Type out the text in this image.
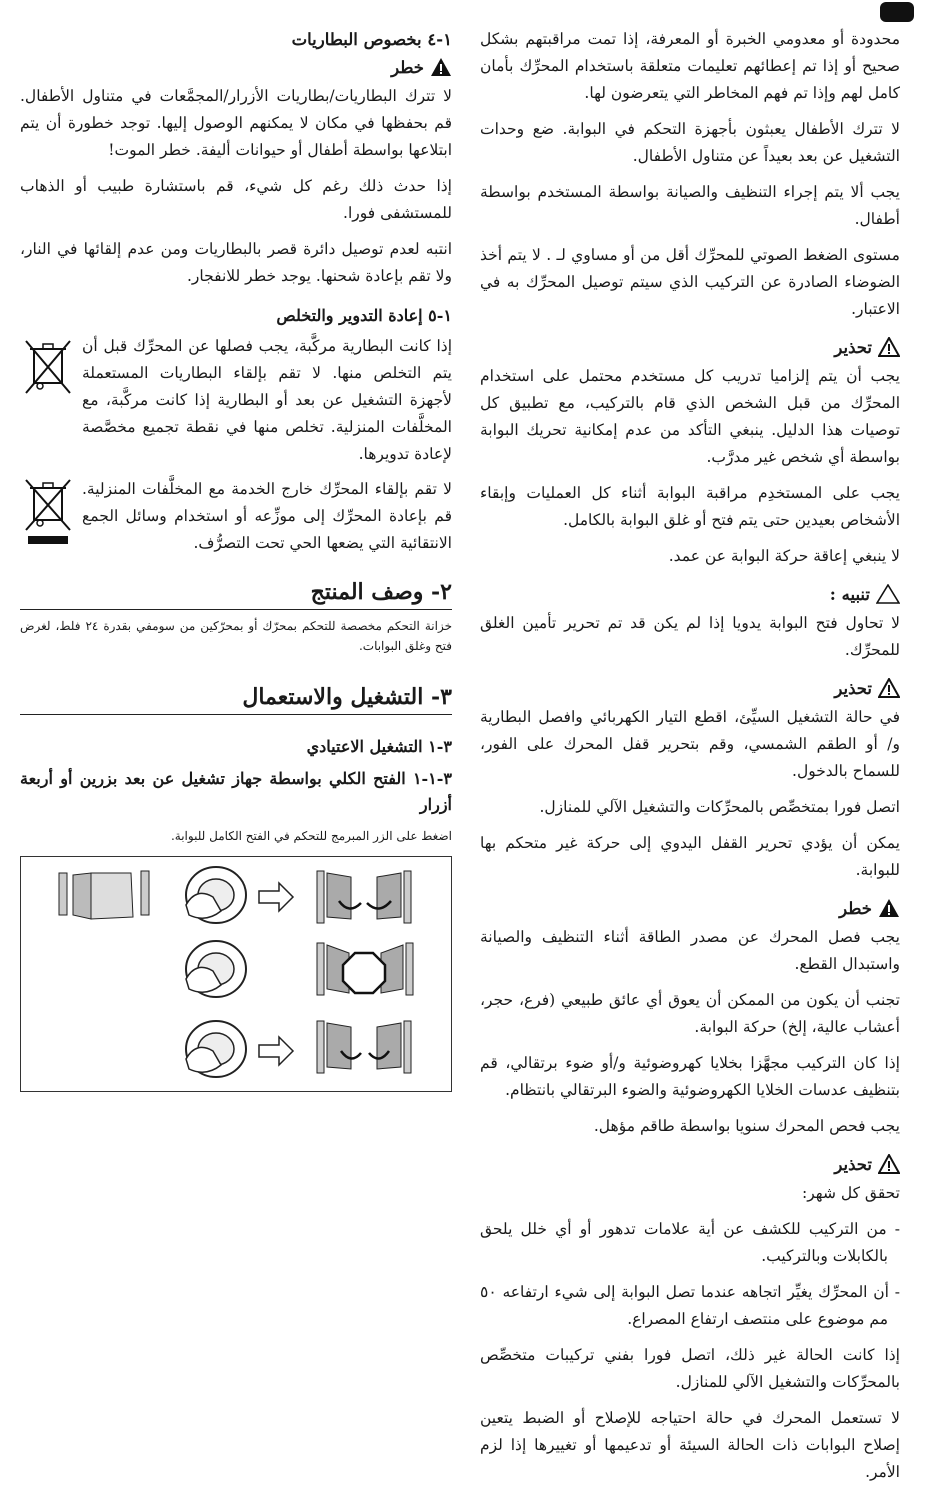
محدودة أو معدومي الخبرة أو المعرفة، إذا تمت مراقبتهم بشكل صحيح أو إذا تم إعطائهم تعليمات متعلقة باستخدام المحرِّك بأمان كامل لهم وإذا تم فهم المخاطر التي يتعرضون لها.

لا تترك الأطفال يعبثون بأجهزة التحكم في البوابة. ضع وحدات التشغيل عن بعد بعيداً عن متناول الأطفال.

يجب ألا يتم إجراء التنظيف والصيانة بواسطة المستخدم بواسطة أطفال.

مستوى الضغط الصوتي للمحرِّك أقل من أو مساوي لـ . لا يتم أخذ الضوضاء الصادرة عن التركيب الذي سيتم توصيل المحرِّك به في الاعتبار.

تحذير

يجب أن يتم إلزاميا تدريب كل مستخدم محتمل على استخدام المحرِّك من قبل الشخص الذي قام بالتركيب، مع تطبيق كل توصيات هذا الدليل. ينبغي التأكد من عدم إمكانية تحريك البوابة بواسطة أي شخص غير مدرَّب.

يجب على المستخدِم مراقبة البوابة أثناء كل العمليات وإبقاء الأشخاص بعيدين حتى يتم فتح أو غلق البوابة بالكامل.

لا ينبغي إعاقة حركة البوابة عن عمد.

تنبيه :

لا تحاول فتح البوابة يدويا إذا لم يكن قد تم تحرير تأمين الغلق للمحرِّك.

تحذير

في حالة التشغيل السيِّئ، اقطع التيار الكهربائي وافصل البطارية و/ أو الطقم الشمسي، وقم بتحرير قفل المحرك على الفور، للسماح بالدخول.

اتصل فورا بمتخصِّص بالمحرِّكات والتشغيل الآلي للمنازل.

يمكن أن يؤدي تحرير القفل اليدوي إلى حركة غير متحكم بها للبوابة.

خطر

يجب فصل المحرك عن مصدر الطاقة أثناء التنظيف والصيانة واستبدال القطع.

تجنب أن يكون من الممكن أن يعوق أي عائق طبيعي (فرع، حجر، أعشاب عالية، إلخ) حركة البوابة.

إذا كان التركيب مجهَّزا بخلايا كهروضوئية و/أو ضوء برتقالي، قم بتنظيف عدسات الخلايا الكهروضوئية والضوء البرتقالي بانتظام.

يجب فحص المحرك سنويا بواسطة طاقم مؤهل.

تحذير

تحقق كل شهر:

- من التركيب للكشف عن أية علامات تدهور أو أي خلل يلحق بالكابلات وبالتركيب.

- أن المحرِّك يغيِّر اتجاهه عندما تصل البوابة إلى شيء ارتفاعه ٥٠ مم موضوع على منتصف ارتفاع المصراع.

إذا كانت الحالة غير ذلك، اتصل فورا بفني تركيبات متخصِّص بالمحرِّكات والتشغيل الآلي للمنازل.

لا تستعمل المحرك في حالة احتياجه للإصلاح أو الضبط يتعين إصلاح البوابات ذات الحالة السيئة أو تدعيمها أو تغييرها إذا لزم الأمر.

١-٤ بخصوص البطاريات
خطر

لا تترك البطاريات/بطاريات الأزرار/المجمَّعات في متناول الأطفال. قم بحفظها في مكان لا يمكنهم الوصول إليها. توجد خطورة أن يتم ابتلاعها بواسطة أطفال أو حيوانات أليفة. خطر الموت!

إذا حدث ذلك رغم كل شيء، قم باستشارة طبيب أو الذهاب للمستشفى فورا.

انتبه لعدم توصيل دائرة قصر بالبطاريات ومن عدم إلقائها في النار، ولا تقم بإعادة شحنها. يوجد خطر للانفجار.

١-٥ إعادة التدوير والتخلص

إذا كانت البطارية مركَّبة، يجب فصلها عن المحرِّك قبل أن يتم التخلص منها. لا تقم بإلقاء البطاريات المستعملة لأجهزة التشغيل عن بعد أو البطارية إذا كانت مركَّبة، مع المخلَّفات المنزلية. تخلص منها في نقطة تجميع مخصَّصة لإعادة تدويرها.

لا تقم بإلقاء المحرِّك خارج الخدمة مع المخلَّفات المنزلية. قم بإعادة المحرِّك إلى موزِّعه أو استخدام وسائل الجمع الانتقائية التي يضعها الحي تحت التصرُّف.

٢- وصف المنتج

خزانة التحكم مخصصة للتحكم بمحرّك أو بمحرّكين من سومفي بقدرة ٢٤ فلط، لغرض فتح وغلق البوابات.

٣- التشغيل والاستعمال
٣-١ التشغيل الاعتيادي
٣-١-١ الفتح الكلي بواسطة جهاز تشغيل عن بعد بزرين أو أربعة أزرار

اضغط على الزر المبرمج للتحكم في الفتح الكامل للبوابة.
